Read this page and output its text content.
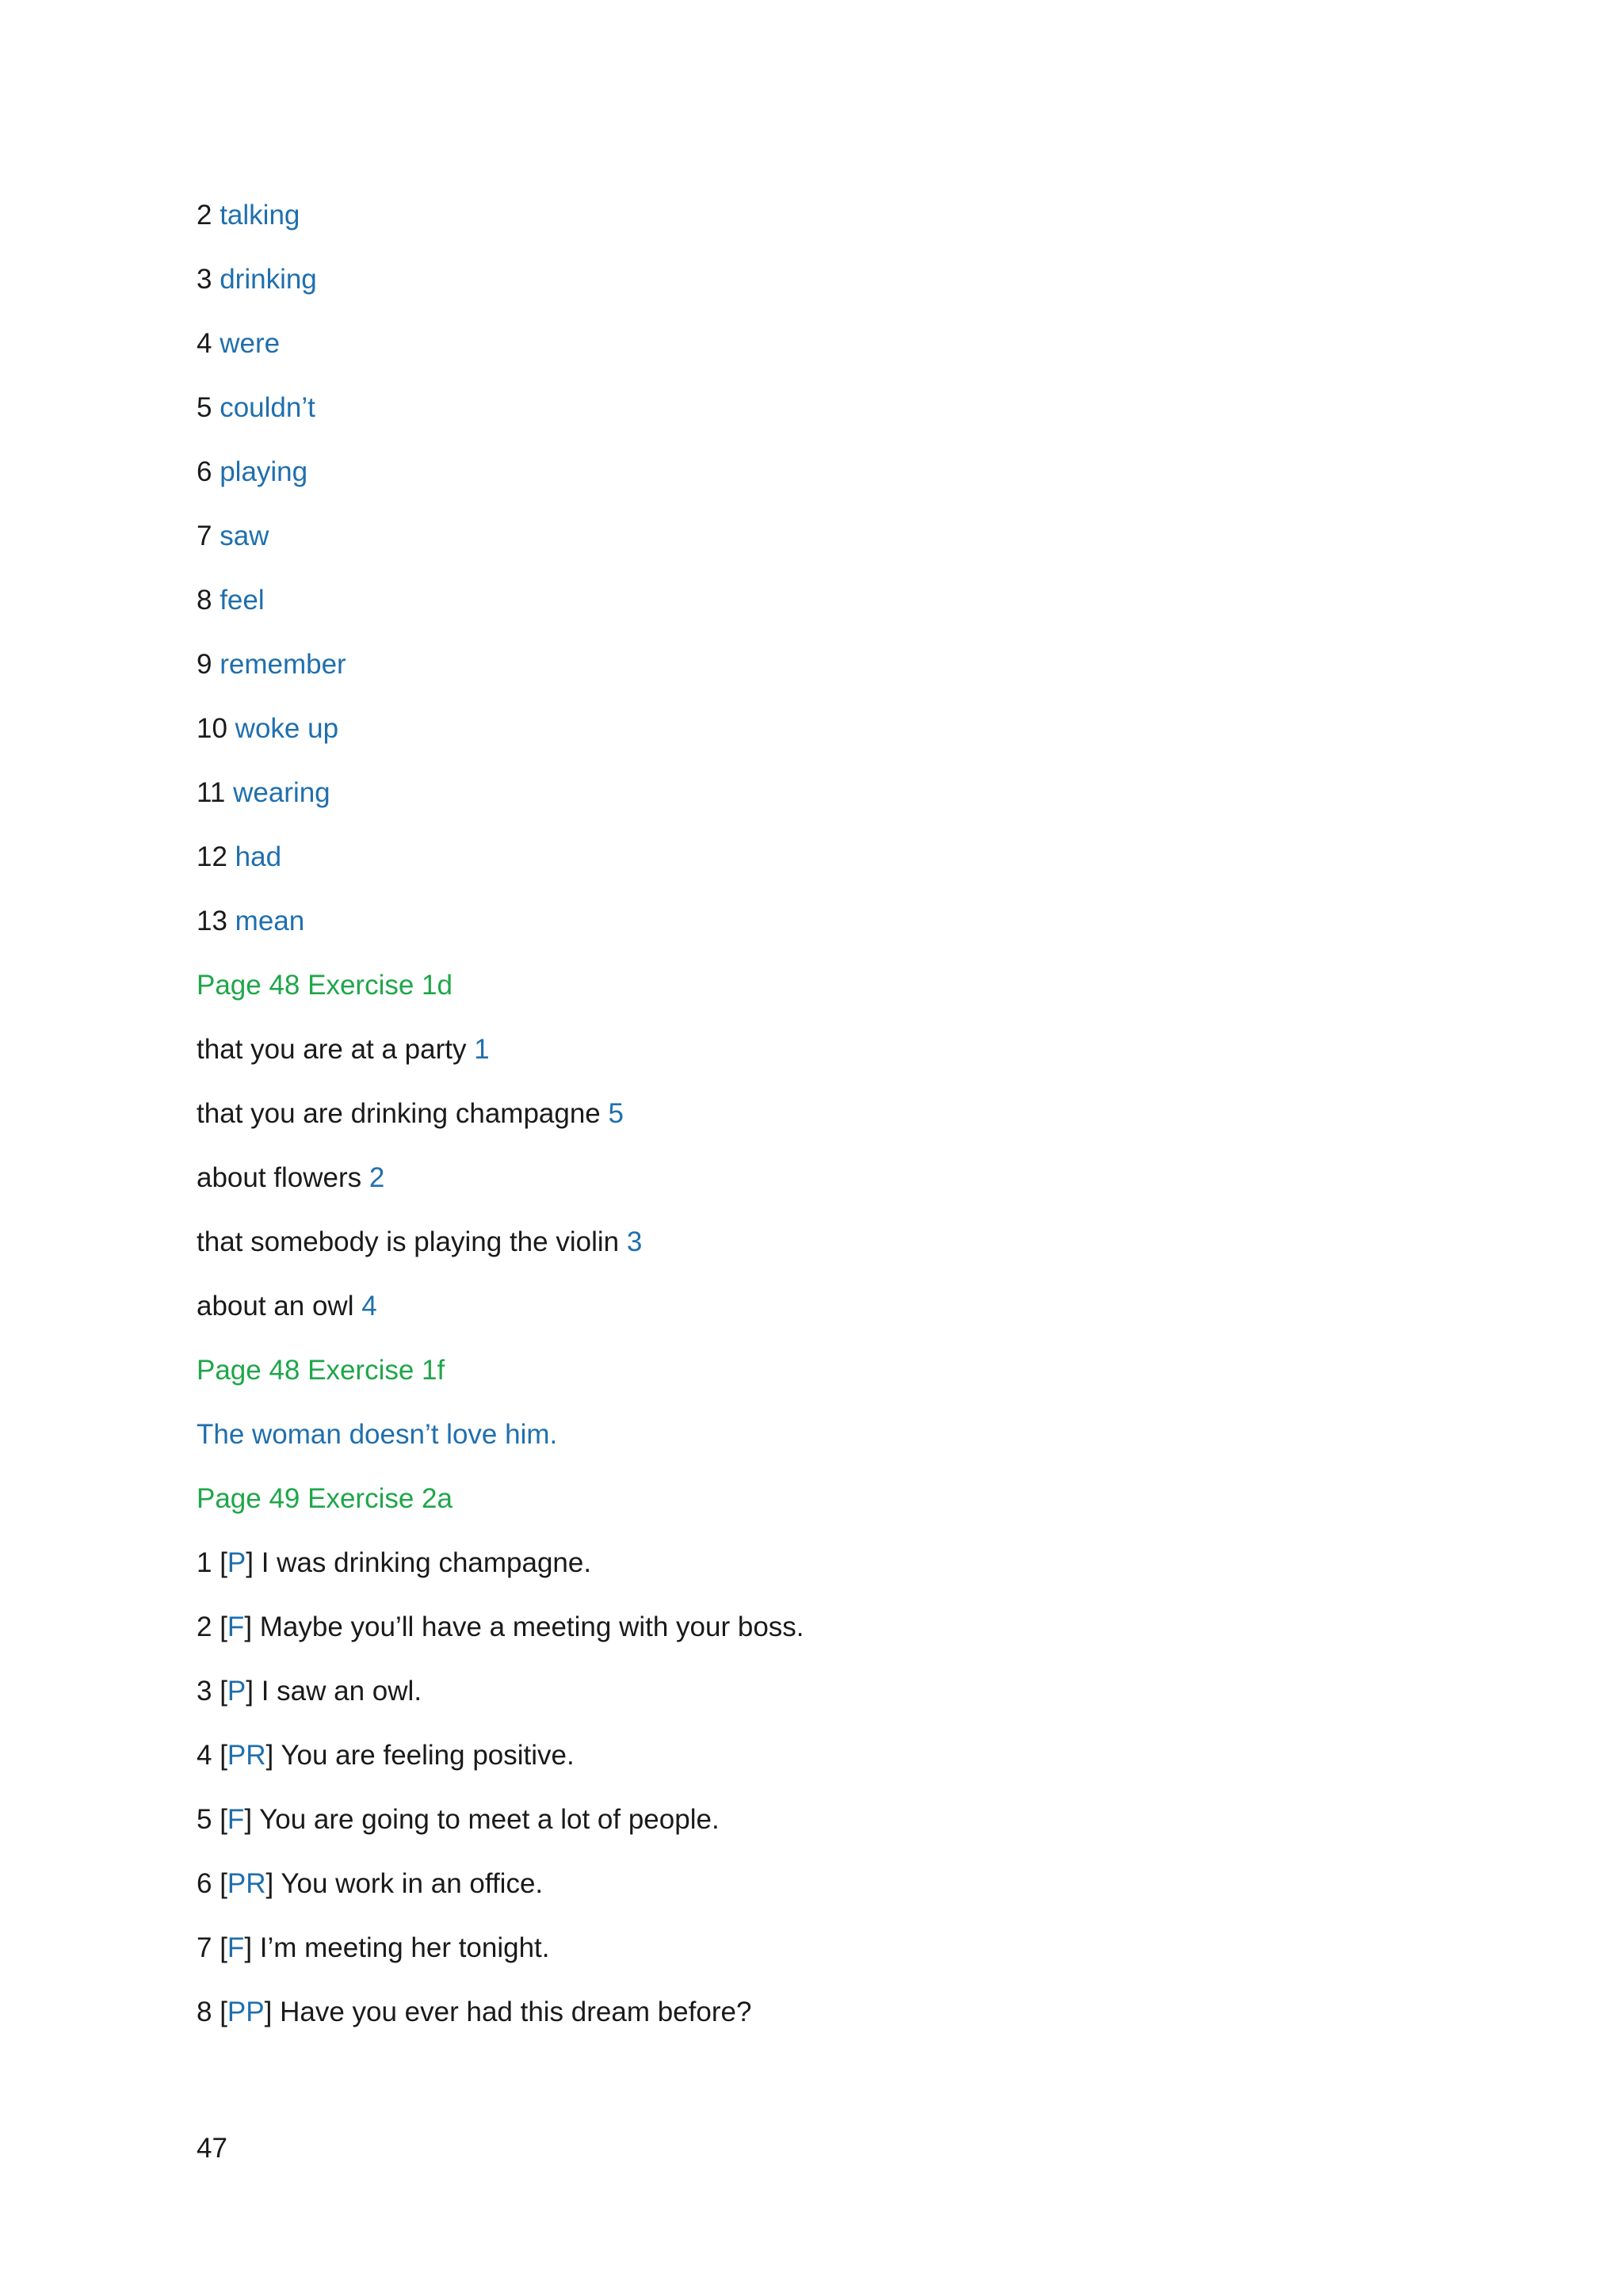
2 talking
3 drinking
4 were
5 couldn’t
6 playing
7 saw
8 feel
9 remember
10 woke up
11 wearing
12 had
13 mean
Page 48 Exercise 1d
that you are at a party 1
that you are drinking champagne 5
about flowers 2
that somebody is playing the violin 3
about an owl 4
Page 48 Exercise 1f
The woman doesn’t love him.
Page 49 Exercise 2a
1 [P] I was drinking champagne.
2 [F] Maybe you’ll have a meeting with your boss.
3 [P] I saw an owl.
4 [PR] You are feeling positive.
5 [F] You are going to meet a lot of people.
6 [PR] You work in an office.
7 [F] I’m meeting her tonight.
8 [PP] Have you ever had this dream before?
47
